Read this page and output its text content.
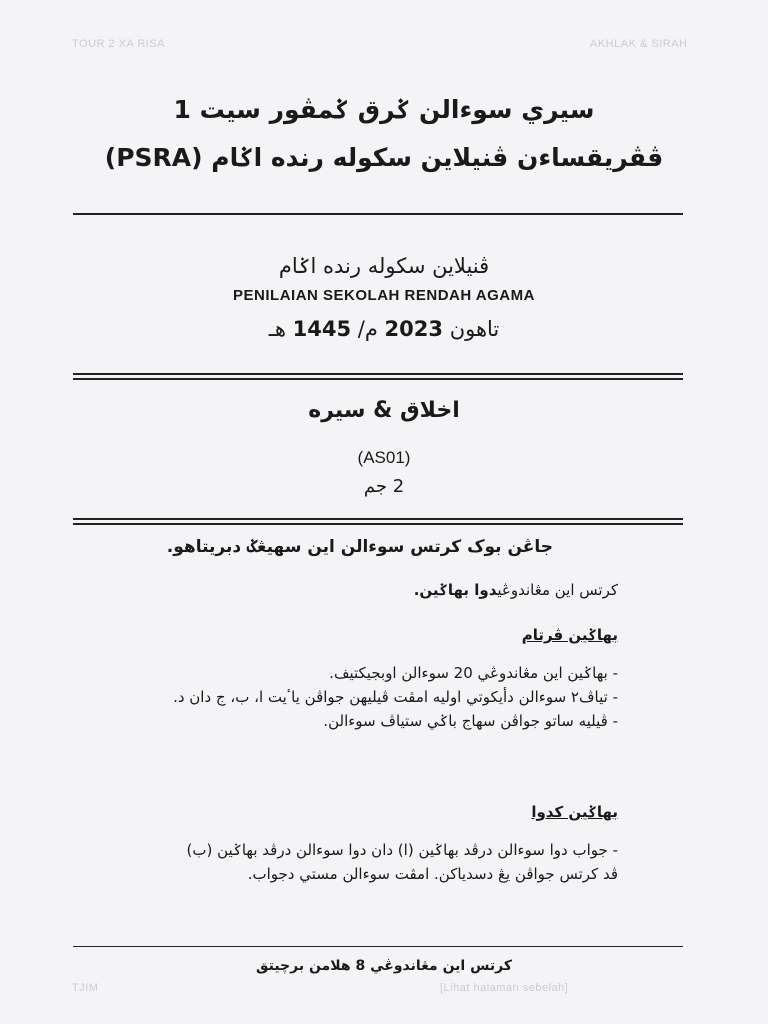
TOUR 2 XA RISA	AKHLAK & SIRAH
TJIM	[Lihat halaman sebelah]
سيري سوءالن ݢرق ݢمڤور سيت 1
ڤڤريقساءن ڤنيلاين سكوله رنده اݢام (PSRA)
ڤنيلاين سکوله رنده اݢام
PENILAIAN SEKOLAH RENDAH AGAMA
تاهون 2023 م/ 1445 هـ
اخلاق & سيره
(AS01)
2 جم
جاڠن بوک کرتس سوءالن اين سهيڠݢ دبريتاهو.
کرتس اين مڠاندوڠيدوا بهاݢين.
بهاݢين ڤرتام
- بهاݢين اين مڠاندوڠي 20 سوءالن اوبجيکتيف.
- تياڤ٢ سوءالن دأيکوتي اوليه امڤت ڤيليهن جواڤن ياٴيت ا، ب، ج دان د.
- ڤيليه ساتو جواڤن سهاج باݢي ستياڤ سوءالن.
بهاݢين کدوا
- جواب دوا سوءالن درڤد بهاݢين (ا) دان دوا سوءالن درڤد بهاݢين (ب)
ڤد کرتس جواڤن يڠ دسدياکن. امڤت سوءالن مستي دجواب.
کرتس اين مڠاندوڠي 8 هلامن برچيتق
